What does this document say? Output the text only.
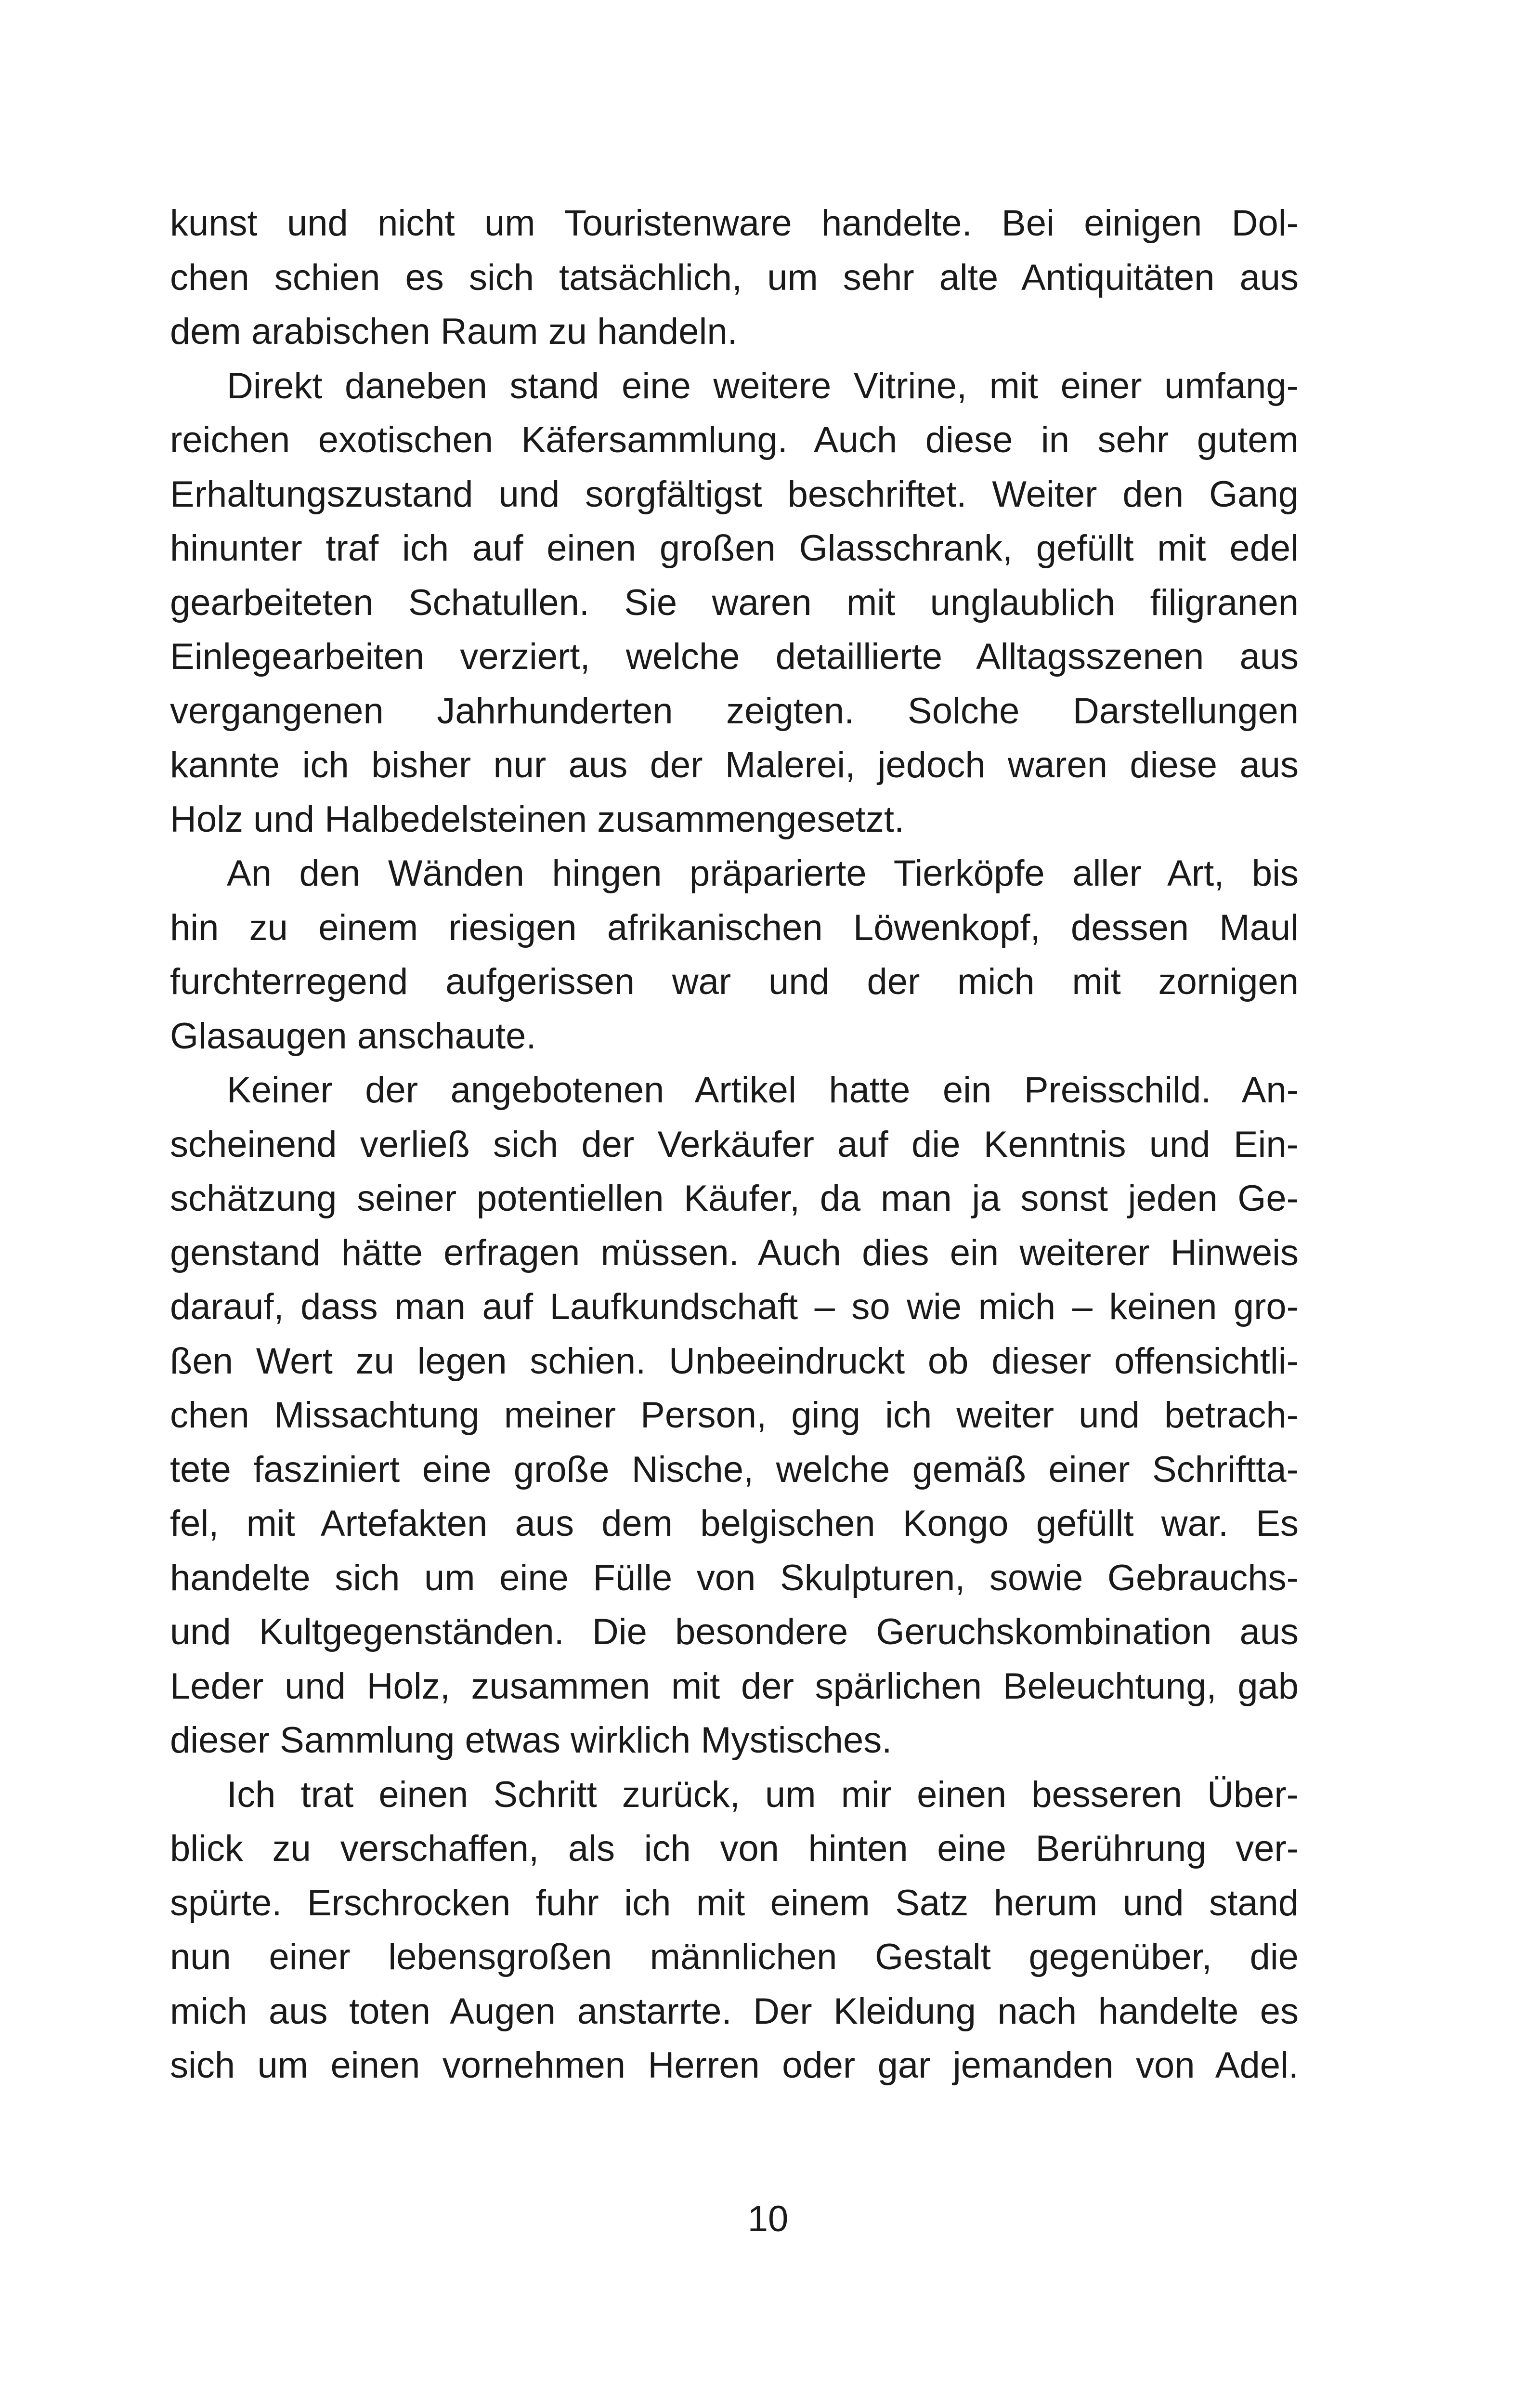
kunst und nicht um Touristenware handelte. Bei einigen Dol-
chen schien es sich tatsächlich, um sehr alte Antiquitäten aus
dem arabischen Raum zu handeln.
Direkt daneben stand eine weitere Vitrine, mit einer umfang-
reichen exotischen Käfersammlung. Auch diese in sehr gutem
Erhaltungszustand und sorgfältigst beschriftet. Weiter den Gang
hinunter traf ich auf einen großen Glasschrank, gefüllt mit edel
gearbeiteten Schatullen. Sie waren mit unglaublich filigranen
Einlegearbeiten verziert, welche detaillierte Alltagsszenen aus
vergangenen Jahrhunderten zeigten. Solche Darstellungen
kannte ich bisher nur aus der Malerei, jedoch waren diese aus
Holz und Halbedelsteinen zusammengesetzt.
An den Wänden hingen präparierte Tierköpfe aller Art, bis
hin zu einem riesigen afrikanischen Löwenkopf, dessen Maul
furchterregend aufgerissen war und der mich mit zornigen
Glasaugen anschaute.
Keiner der angebotenen Artikel hatte ein Preisschild. An-
scheinend verließ sich der Verkäufer auf die Kenntnis und Ein-
schätzung seiner potentiellen Käufer, da man ja sonst jeden Ge-
genstand hätte erfragen müssen. Auch dies ein weiterer Hinweis
darauf, dass man auf Laufkundschaft – so wie mich – keinen gro-
ßen Wert zu legen schien. Unbeeindruckt ob dieser offensichtli-
chen Missachtung meiner Person, ging ich weiter und betrach-
tete fasziniert eine große Nische, welche gemäß einer Schriftta-
fel, mit Artefakten aus dem belgischen Kongo gefüllt war. Es
handelte sich um eine Fülle von Skulpturen, sowie Gebrauchs-
und Kultgegenständen. Die besondere Geruchskombination aus
Leder und Holz, zusammen mit der spärlichen Beleuchtung, gab
dieser Sammlung etwas wirklich Mystisches.
Ich trat einen Schritt zurück, um mir einen besseren Über-
blick zu verschaffen, als ich von hinten eine Berührung ver-
spürte. Erschrocken fuhr ich mit einem Satz herum und stand
nun einer lebensgroßen männlichen Gestalt gegenüber, die
mich aus toten Augen anstarrte. Der Kleidung nach handelte es
sich um einen vornehmen Herren oder gar jemanden von Adel.
10
